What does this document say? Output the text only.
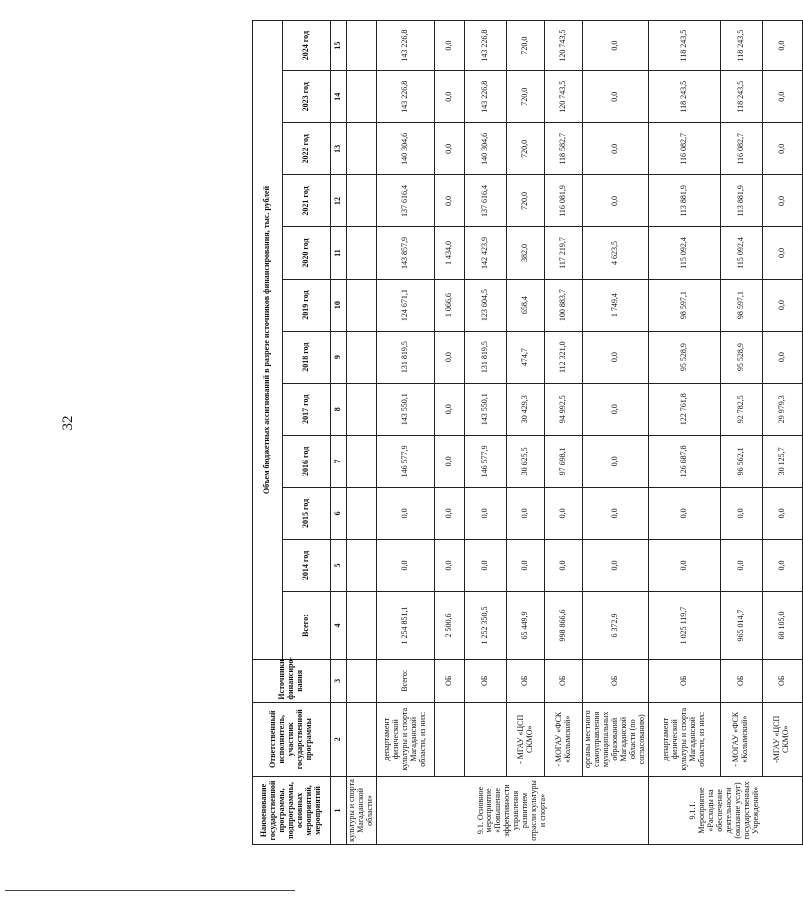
32
Наименование государственной программы, подпрограммы, основных мероприятий, мероприятий	Ответственный исполнитель, участник государственной программы	Источники финансиро-вания	Объем бюджетных ассигнований в разрезе источников финансирования, тыс. рублей											
			Всего:	2014 год	2015 год	2016 год	2017 год	2018 год	2019 год	2020 год	2021 год	2022 год	2023 год	2024 год
1	2	3	4	5	6	7	8	9	10	11	12	13	14	15
культуры и спорта Магаданской области»														
9.1. Основное мероприятие «Повышение эффективности управления развитием отрасли культуры и спорта»	департамент физической культуры и спорта Магаданской области, из них:	Всего:	1 254 851,1	0,0	0,0	146 577,9	143 550,1	131 819,5	124 671,1	143 857,9	137 616,4	140 304,6	143 226,8	143 226,8
		ОБ	2 500,6	0,0	0,0	0,0	0,0	0,0	1 066,6	1 434,0	0,0	0,0	0,0	0,0
		ОБ	1 252 350,5	0,0	0,0	146 577,9	143 550,1	131 819,5	123 604,5	142 423,9	137 616,4	140 304,6	143 226,8	143 226,8
	- МГАУ «ЦСП СКМО»	ОБ	65 449,9	0,0	0,0	30 625,5	30 429,3	474,7	658,4	382,0	720,0	720,0	720,0	720,0
	- МОГАУ «ФСК «Колымский»	ОБ	998 866,6	0,0	0,0	97 698,1	94 992,5	112 321,0	100 883,7	117 219,7	116 081,9	118 582,7	120 743,5	120 743,5
	органы местного самоуправления муниципальных образований Магаданской области (по согласованию)	ОБ	6 372,9	0,0	0,0	0,0	0,0	0,0	1 749,4	4 623,5	0,0	0,0	0,0	0,0
9.1.1. Мероприятие «Расходы на обеспечение деятельности (оказание услуг) государственных Учреждений»	департамент физической культуры и спорта Магаданской области, из них:	ОБ	1 025 119,7	0,0	0,0	126 687,8	122 761,8	95 528,9	98 597,1	115 092,4	113 881,9	116 082,7	118 243,5	118 243,5
	- МОГАУ «ФСК «Колымский»	ОБ	965 014,7	0,0	0,0	96 562,1	92 782,5	95 528,9	98 597,1	115 092,4	113 881,9	116 082,7	118 243,5	118 243,5
	-МГАУ «ЦСП СКМО»	ОБ	60 105,0	0,0	0,0	30 125,7	29 979,3	0,0	0,0	0,0	0,0	0,0	0,0	0,0
